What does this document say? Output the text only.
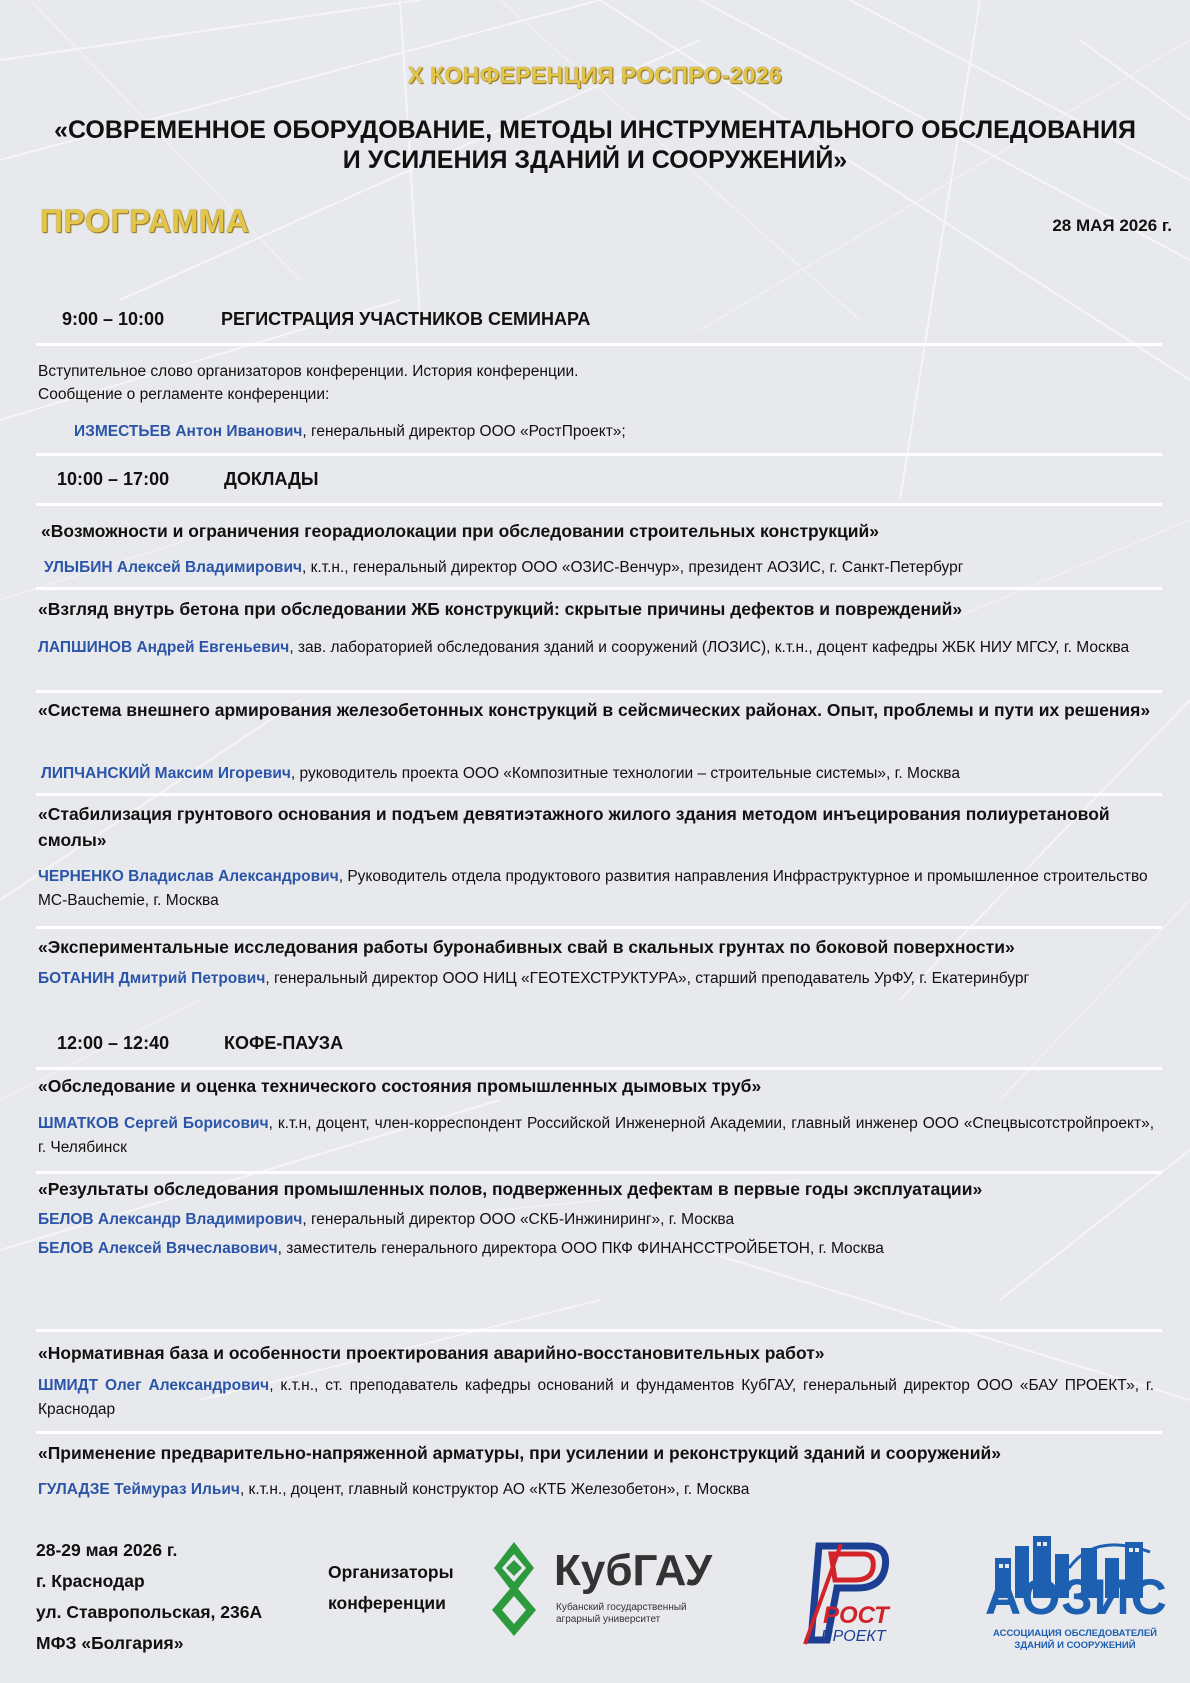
X КОНФЕРЕНЦИЯ РОСПРО-2026
«СОВРЕМЕННОЕ ОБОРУДОВАНИЕ, МЕТОДЫ ИНСТРУМЕНТАЛЬНОГО ОБСЛЕДОВАНИЯ
И УСИЛЕНИЯ ЗДАНИЙ И СООРУЖЕНИЙ»
ПРОГРАММА	28 МАЯ 2026 г.
9:00 – 10:00	РЕГИСТРАЦИЯ УЧАСТНИКОВ СЕМИНАРА
Вступительное слово организаторов конференции. История конференции.
Сообщение о регламенте конференции:
ИЗМЕСТЬЕВ Антон Иванович, генеральный директор ООО «РостПроект»;
10:00 – 17:00	ДОКЛАДЫ
«Возможности и ограничения георадиолокации при обследовании строительных конструкций»
УЛЫБИН Алексей Владимирович, к.т.н., генеральный директор ООО «ОЗИС-Венчур», президент АОЗИС, г. Санкт-Петербург
«Взгляд внутрь бетона при обследовании ЖБ конструкций: скрытые причины дефектов и повреждений»
ЛАПШИНОВ Андрей Евгеньевич, зав. лабораторией обследования зданий и сооружений (ЛОЗИС), к.т.н., доцент кафедры ЖБК НИУ МГСУ, г. Москва
«Система внешнего армирования железобетонных конструкций в сейсмических районах. Опыт, проблемы и пути их решения»
ЛИПЧАНСКИЙ Максим Игоревич, руководитель проекта ООО «Композитные технологии – строительные системы», г. Москва
«Стабилизация грунтового основания и подъем девятиэтажного жилого здания методом инъецирования полиуретановой смолы»
ЧЕРНЕНКО Владислав Александрович, Руководитель отдела продуктового развития направления Инфраструктурное и промышленное строительство MC-Bauchemie, г. Москва
«Экспериментальные исследования работы буронабивных свай в скальных грунтах по боковой поверхности»
БОТАНИН Дмитрий Петрович, генеральный директор ООО НИЦ «ГЕОТЕХСТРУКТУРА», старший преподаватель УрФУ, г. Екатеринбург
12:00 – 12:40	КОФЕ-ПАУЗА
«Обследование и оценка технического состояния промышленных дымовых труб»
ШМАТКОВ Сергей Борисович, к.т.н, доцент, член-корреспондент Российской Инженерной Академии, главный инженер ООО «Спецвысотстройпроект», г. Челябинск
«Результаты обследования промышленных полов, подверженных дефектам в первые годы эксплуатации»
БЕЛОВ Александр Владимирович, генеральный директор ООО «СКБ-Инжиниринг», г. Москва
БЕЛОВ Алексей Вячеславович, заместитель генерального директора ООО ПКФ ФИНАНССТРОЙБЕТОН, г. Москва
«Нормативная база и особенности проектирования аварийно-восстановительных работ»
ШМИДТ Олег Александрович, к.т.н., ст. преподаватель кафедры оснований и фундаментов КубГАУ, генеральный директор ООО «БАУ ПРОЕКТ», г. Краснодар
«Применение предварительно-напряженной арматуры, при усилении и реконструкций зданий и сооружений»
ГУЛАДЗЕ Теймураз Ильич, к.т.н., доцент, главный конструктор АО «КТБ Железобетон», г. Москва
28-29 мая 2026 г.
г. Краснодар
ул. Ставропольская, 236А
МФЗ «Болгария»
Организаторы
конференции
КубГАУ
Кубанский государственный
аграрный университет	РОСТ
ПРОЕКТ
АОЗИС
АССОЦИАЦИЯ ОБСЛЕДОВАТЕЛЕЙ
ЗДАНИЙ И СООРУЖЕНИЙ
